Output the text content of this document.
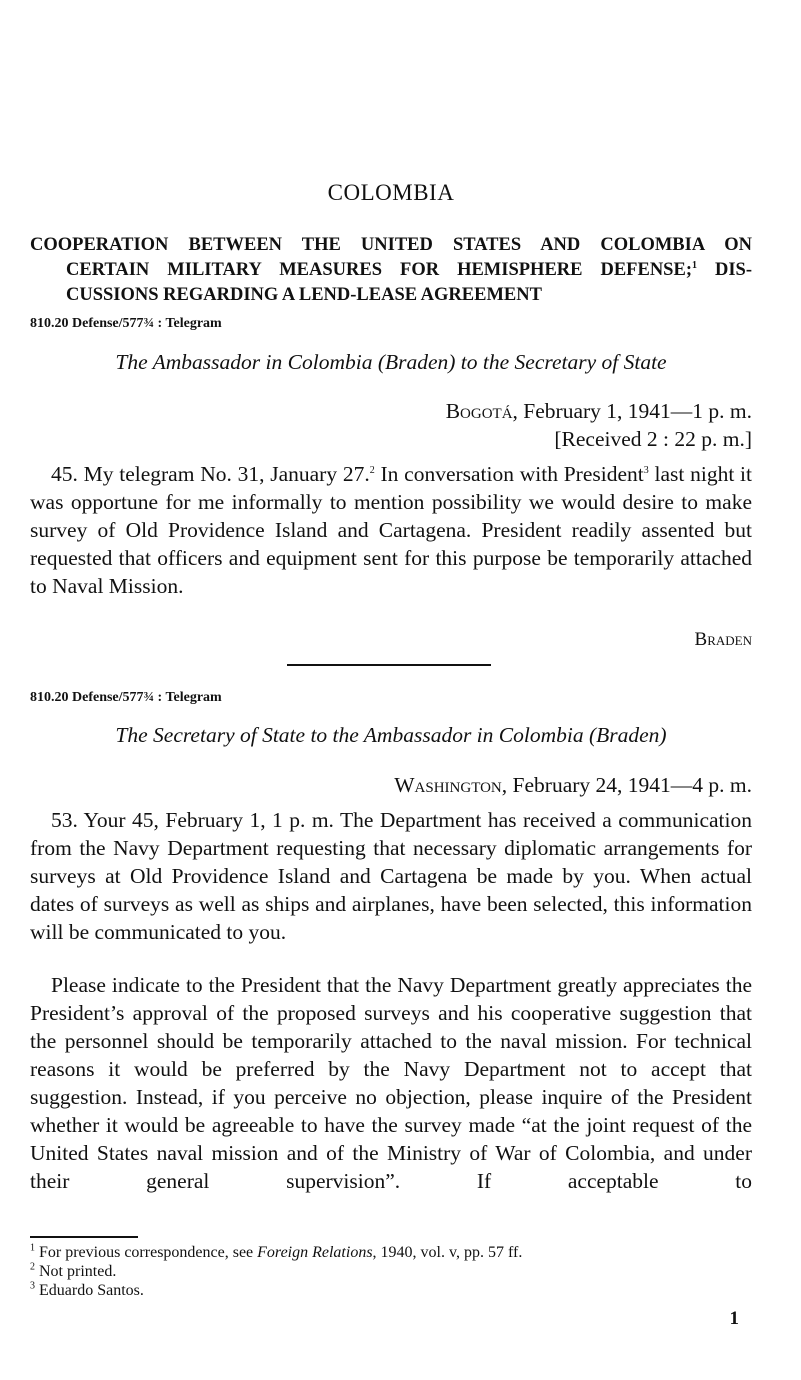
COLOMBIA
COOPERATION BETWEEN THE UNITED STATES AND COLOMBIA ON
CERTAIN MILITARY MEASURES FOR HEMISPHERE DEFENSE;$^1$ DIS-
CUSSIONS REGARDING A LEND-LEASE AGREEMENT
810.20 Defense/577¾ : Telegram
The Ambassador in Colombia (Braden) to the Secretary of State
Bogotá, February 1, 1941—1 p. m.
[Received 2 : 22 p. m.]
45. My telegram No. 31, January 27.$^2$ In conversation with President$^3$ last night it was opportune for me informally to mention possibility we would desire to make survey of Old Providence Island and Cartagena. President readily assented but requested that officers and equipment sent for this purpose be temporarily attached to Naval Mission.
Braden
810.20 Defense/577¾ : Telegram
The Secretary of State to the Ambassador in Colombia (Braden)
Washington, February 24, 1941—4 p. m.
53. Your 45, February 1, 1 p. m. The Department has received a communication from the Navy Department requesting that necessary diplomatic arrangements for surveys at Old Providence Island and Cartagena be made by you. When actual dates of surveys as well as ships and airplanes, have been selected, this information will be communicated to you.
Please indicate to the President that the Navy Department greatly appreciates the President’s approval of the proposed surveys and his cooperative suggestion that the personnel should be temporarily attached to the naval mission. For technical reasons it would be preferred by the Navy Department not to accept that suggestion. Instead, if you perceive no objection, please inquire of the President whether it would be agreeable to have the survey made “at the joint request of the United States naval mission and of the Ministry of War of Colombia, and under their general supervision”. If acceptable to
$^1$ For previous correspondence, see Foreign Relations, 1940, vol. v, pp. 57 ff.
$^2$ Not printed.
$^3$ Eduardo Santos.
1
